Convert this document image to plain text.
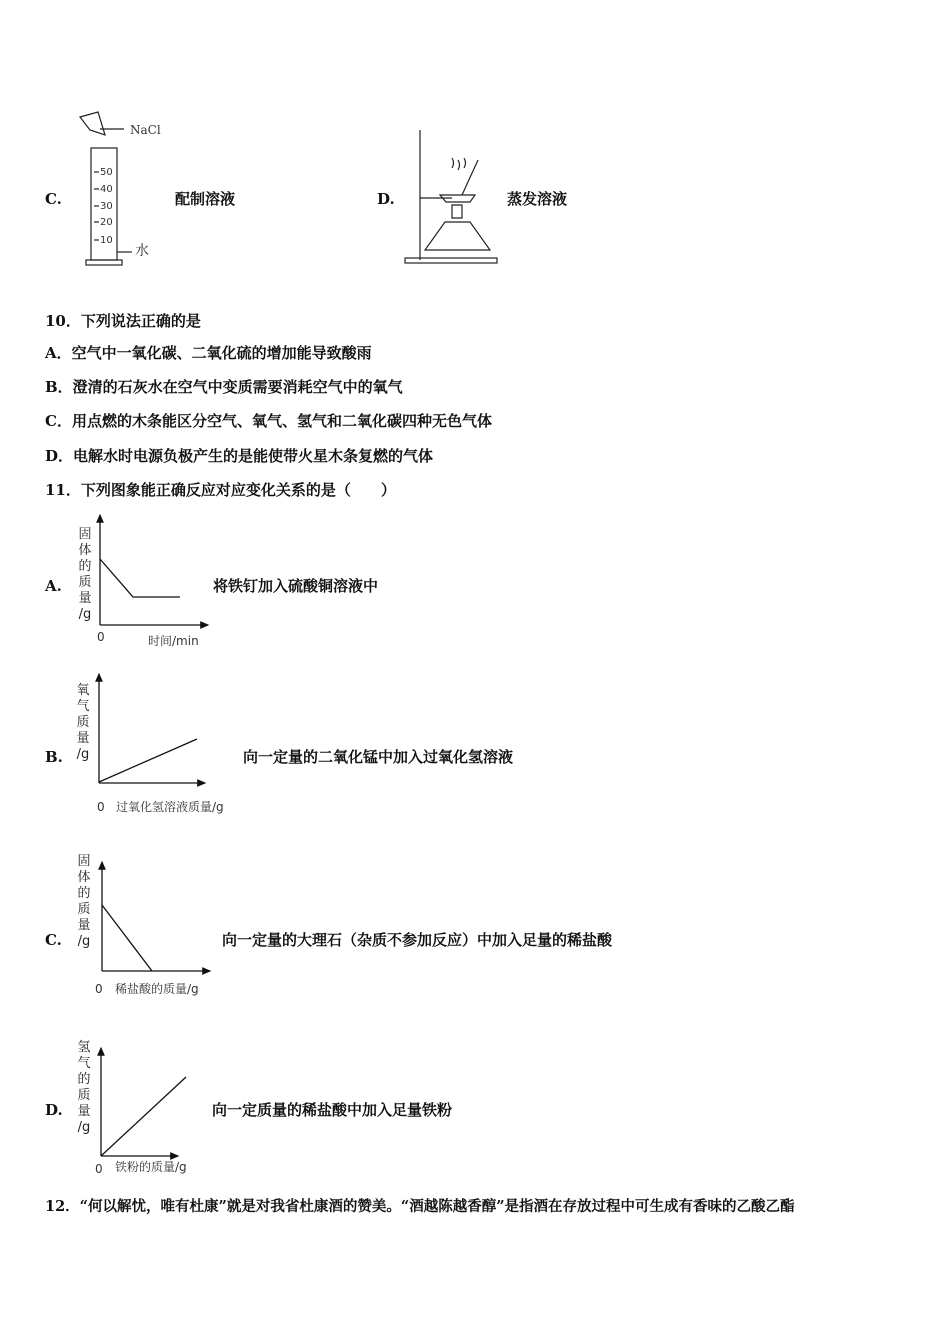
NaCl
50
40
30
20
10
水
C.	配制溶液	D.	蒸发溶液
10．下列说法正确的是
A．空气中一氧化碳、二氧化硫的增加能导致酸雨
B．澄清的石灰水在空气中变质需要消耗空气中的氧气
C．用点燃的木条能区分空气、氧气、氢气和二氧化碳四种无色气体
D．电解水时电源负极产生的是能使带火星木条复燃的气体
11．下列图象能正确反应对应变化关系的是（　　）
A.	将铁钉加入硫酸铜溶液中
固
体
的
质
量
/g
0	时间/min
B.	向一定量的二氧化锰中加入过氧化氢溶液
氧
气
质
量
/g
0 过氧化氢溶液质量/g
C.	向一定量的大理石（杂质不参加反应）中加入足量的稀盐酸
固
体
的
质
量
/g
0 稀盐酸的质量/g
D.	向一定质量的稀盐酸中加入足量铁粉
氢
气
的
质
量
/g
0 铁粉的质量/g
12．“何以解忧，唯有杜康”就是对我省杜康酒的赞美。“酒越陈越香醇”是指酒在存放过程中可生成有香味的乙酸乙酯
